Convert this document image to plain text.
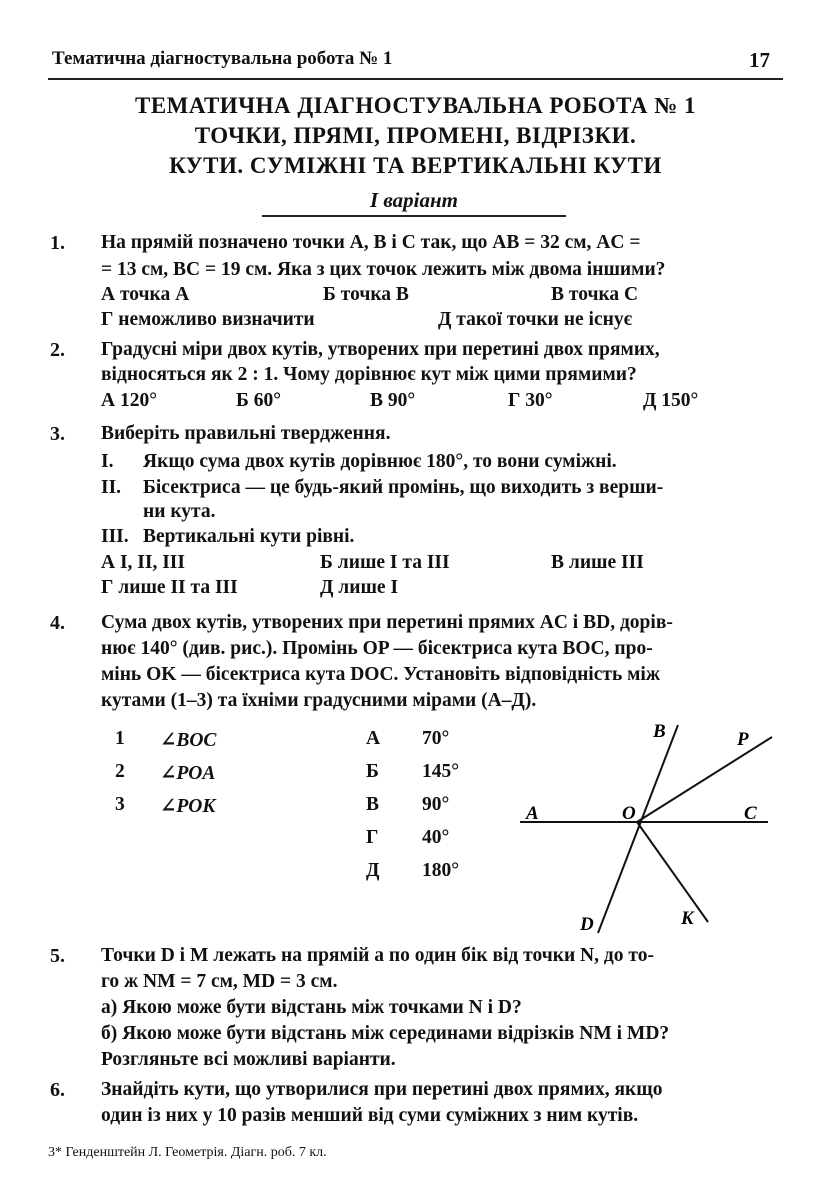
Тематична діагностувальна робота № 1	17
ТЕМАТИЧНА ДІАГНОСТУВАЛЬНА РОБОТА № 1
ТОЧКИ, ПРЯМІ, ПРОМЕНІ, ВІДРІЗКИ.
КУТИ. СУМІЖНІ ТА ВЕРТИКАЛЬНІ КУТИ
I варіант
1. На прямій позначено точки A, B і C так, що AB = 32 см, AC =
= 13 см, BC = 19 см. Яка з цих точок лежить між двома іншими?
А точка A	Б точка B	В точка C
Г неможливо визначити	Д такої точки не існує
2. Градусні міри двох кутів, утворених при перетині двох прямих,
відносяться як 2 : 1. Чому дорівнює кут між цими прямими?
А 120°	Б 60°	В 90°	Г 30°	Д 150°
3. Виберіть правильні твердження.
I. Якщо сума двох кутів дорівнює 180°, то вони суміжні.
II. Бісектриса — це будь-який промінь, що виходить з верши-
ни кута.
III. Вертикальні кути рівні.
А I, II, III	Б лише I та III	В лише III
Г лише II та III	Д лише I
4. Сума двох кутів, утворених при перетині прямих AC і BD, дорів-
нює 140° (див. рис.). Промінь OP — бісектриса кута BOC, про-
мінь OK — бісектриса кута DOC. Установіть відповідність між
кутами (1–3) та їхніми градусними мірами (А–Д).
1 ∠BOC
2 ∠POA
3 ∠POK
А 70°
Б 145°
В 90°
Г 40°
Д 180°
A
B
C
D
O
P
K
5. Точки D і M лежать на прямій a по один бік від точки N, до то-
го ж NM = 7 см, MD = 3 см.
а) Якою може бути відстань між точками N і D?
б) Якою може бути відстань між серединами відрізків NM і MD?
Розгляньте всі можливі варіанти.
6. Знайдіть кути, що утворилися при перетині двох прямих, якщо
один із них у 10 разів менший від суми суміжних з ним кутів.
3* Генденштейн Л. Геометрія. Діагн. роб. 7 кл.
